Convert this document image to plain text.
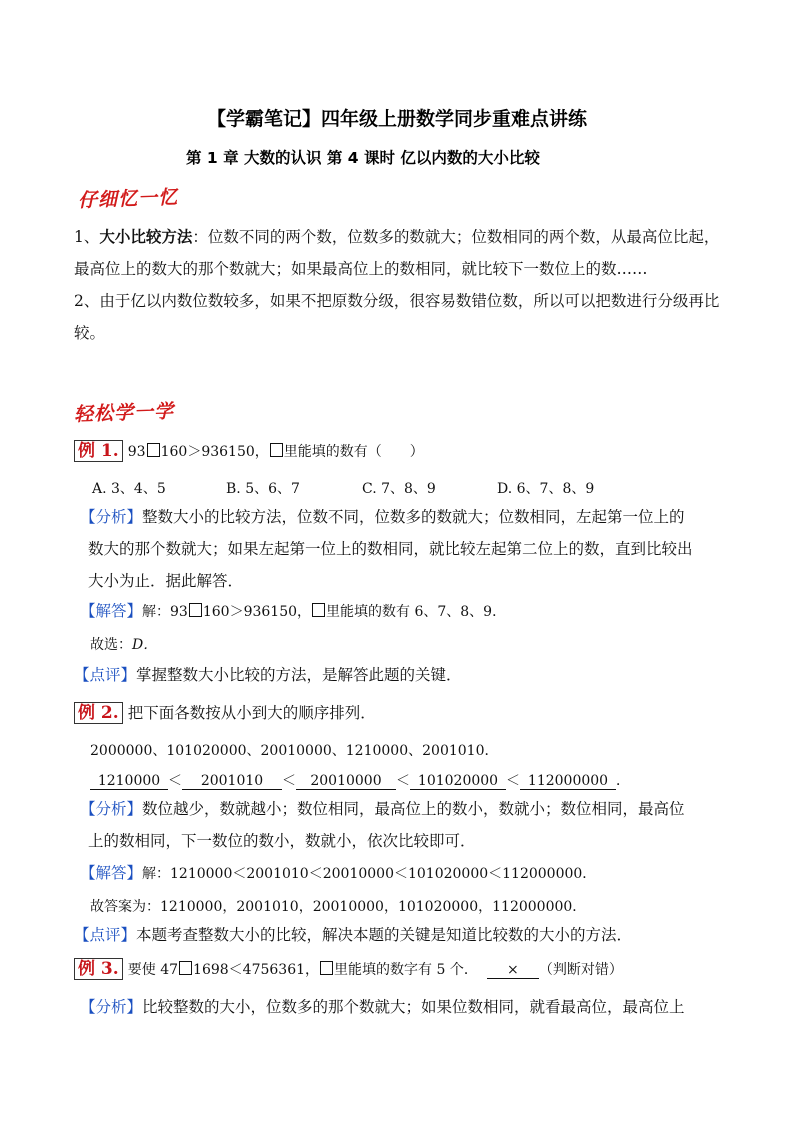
【学霸笔记】四年级上册数学同步重难点讲练
第 1 章 大数的认识 第 4 课时 亿以内数的大小比较
仔细忆一忆
1、大小比较方法：位数不同的两个数，位数多的数就大；位数相同的两个数，从最高位比起，
最高位上的数大的那个数就大；如果最高位上的数相同，就比较下一数位上的数……
2、由于亿以内数位数较多，如果不把原数分级，很容易数错位数，所以可以把数进行分级再比
较。
轻松学一学
例 1. 93 160＞936150， 里能填的数有（　　）
A. 3、4、5	B. 5、6、7	C. 7、8、9	D. 6、7、8、9
【分析】整数大小的比较方法，位数不同，位数多的数就大；位数相同，左起第一位上的
数大的那个数就大；如果左起第一位上的数相同，就比较左起第二位上的数，直到比较出
大小为止．据此解答．
【解答】解：93 160＞936150， 里能填的数有 6、7、8、9．
故选：D．
【点评】掌握整数大小比较的方法，是解答此题的关键．
例 2. 把下面各数按从小到大的顺序排列．
2000000、101020000、20010000、1210000、2001010．
1210000 ＜ 2001010 ＜ 20010000 ＜ 101020000 ＜ 112000000 ．
【分析】数位越少，数就越小；数位相同，最高位上的数小，数就小；数位相同，最高位
上的数相同，下一数位的数小，数就小，依次比较即可．
【解答】解：1210000＜2001010＜20010000＜101020000＜112000000．
故答案为：1210000，2001010，20010000，101020000，112000000．
【点评】本题考查整数大小的比较，解决本题的关键是知道比较数的大小的方法．
例 3. 要使 47 1698＜4756361， 里能填的数字有 5 个． × （判断对错）
【分析】比较整数的大小，位数多的那个数就大；如果位数相同，就看最高位，最高位上
